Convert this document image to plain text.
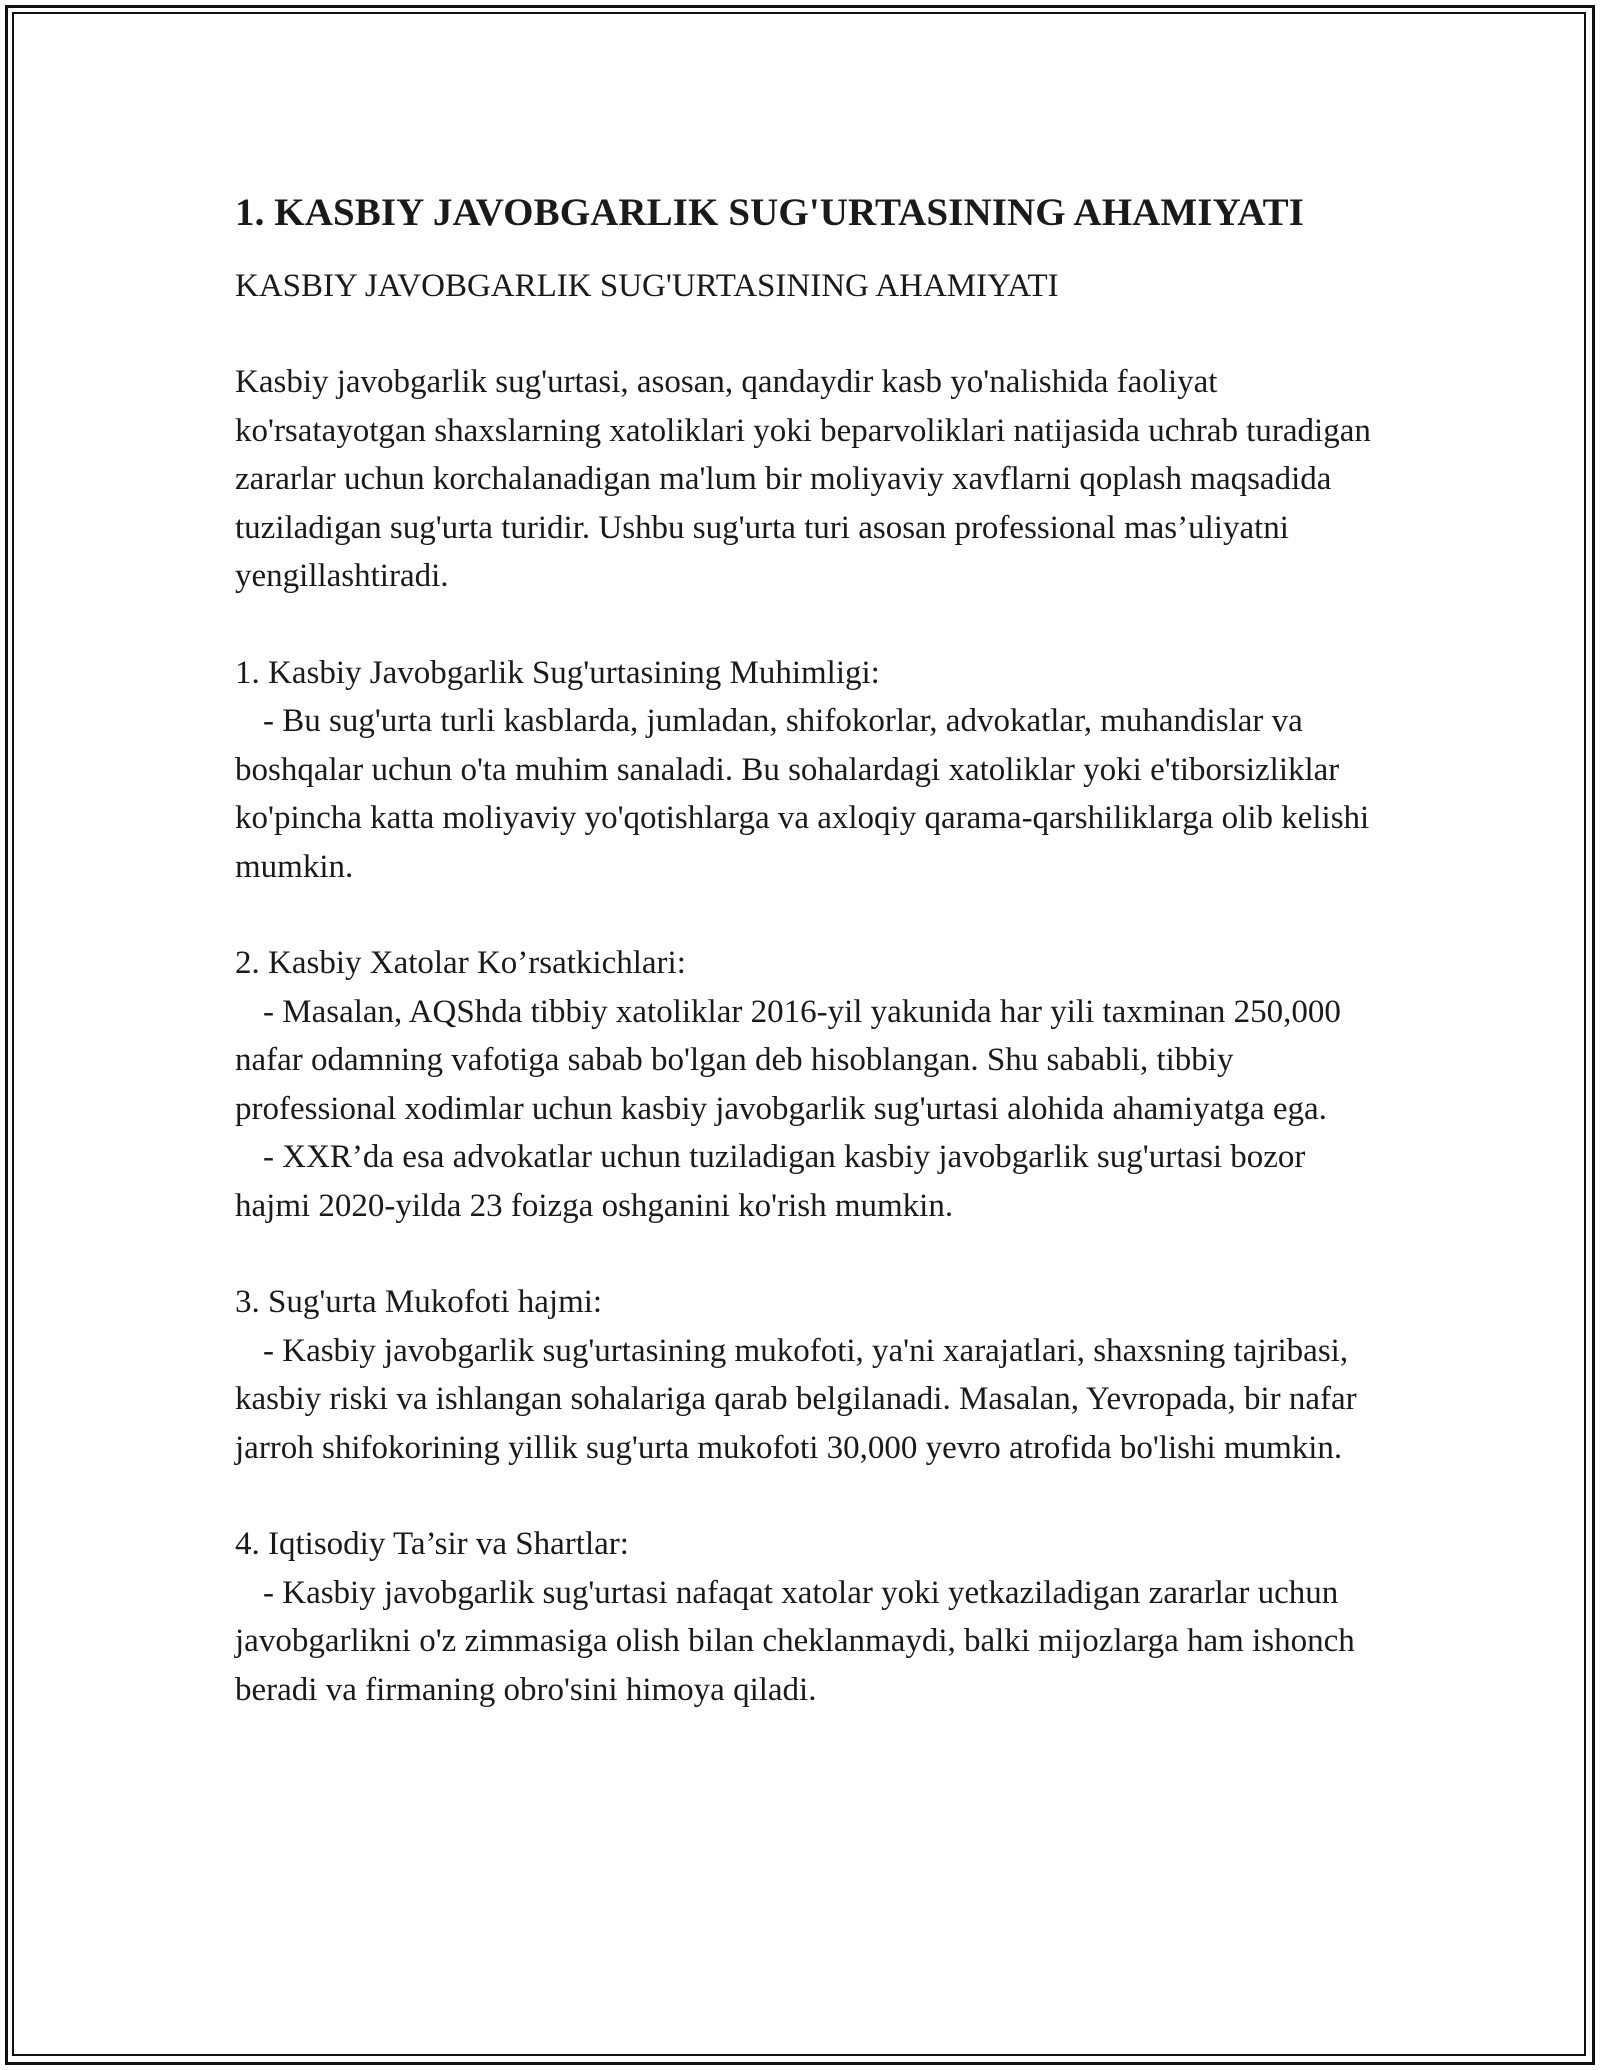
1. KASBIY JAVOBGARLIK SUG'URTASINING AHAMIYATI

KASBIY JAVOBGARLIK SUG'URTASINING AHAMIYATI

Kasbiy javobgarlik sug'urtasi, asosan, qandaydir kasb yo'nalishida faoliyat ko'rsatayotgan shaxslarning xatoliklari yoki beparvoliklari natijasida uchrab turadigan zararlar uchun korchalanadigan ma'lum bir moliyaviy xavflarni qoplash maqsadida tuziladigan sug'urta turidir. Ushbu sug'urta turi asosan professional mas’uliyatni yengillashtiradi.

1. Kasbiy Javobgarlik Sug'urtasining Muhimligi:

- Bu sug'urta turli kasblarda, jumladan, shifokorlar, advokatlar, muhandislar va boshqalar uchun o'ta muhim sanaladi. Bu sohalardagi xatoliklar yoki e'tiborsizliklar ko'pincha katta moliyaviy yo'qotishlarga va axloqiy qarama-qarshiliklarga olib kelishi mumkin.

2. Kasbiy Xatolar Ko’rsatkichlari:

- Masalan, AQShda tibbiy xatoliklar 2016-yil yakunida har yili taxminan 250,000 nafar odamning vafotiga sabab bo'lgan deb hisoblangan. Shu sababli, tibbiy professional xodimlar uchun kasbiy javobgarlik sug'urtasi alohida ahamiyatga ega.

- XXR’da esa advokatlar uchun tuziladigan kasbiy javobgarlik sug'urtasi bozor hajmi 2020-yilda 23 foizga oshganini ko'rish mumkin.

3. Sug'urta Mukofoti hajmi:

- Kasbiy javobgarlik sug'urtasining mukofoti, ya'ni xarajatlari, shaxsning tajribasi, kasbiy riski va ishlangan sohalariga qarab belgilanadi. Masalan, Yevropada, bir nafar jarroh shifokorining yillik sug'urta mukofoti 30,000 yevro atrofida bo'lishi mumkin.

4. Iqtisodiy Ta’sir va Shartlar:

- Kasbiy javobgarlik sug'urtasi nafaqat xatolar yoki yetkaziladigan zararlar uchun javobgarlikni o'z zimmasiga olish bilan cheklanmaydi, balki mijozlarga ham ishonch beradi va firmaning obro'sini himoya qiladi.
